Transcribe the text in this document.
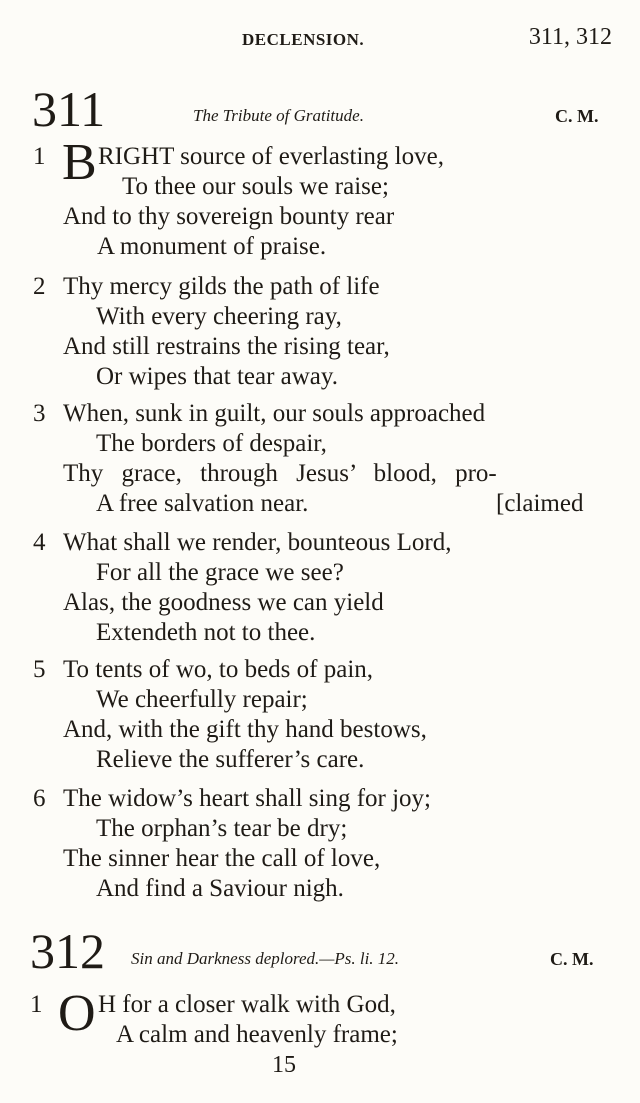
DECLENSION.	311, 312
311	The Tribute of Gratitude.	C. M.
1 B RIGHT source of everlasting love,
To thee our souls we raise;
And to thy sovereign bounty rear
A monument of praise.
2 Thy mercy gilds the path of life
With every cheering ray,
And still restrains the rising tear,
Or wipes that tear away.
3 When, sunk in guilt, our souls approached
The borders of despair,
Thy grace, through Jesus’ blood, pro-
A free salvation near.	[claimed
4 What shall we render, bounteous Lord,
For all the grace we see?
Alas, the goodness we can yield
Extendeth not to thee.
5 To tents of wo, to beds of pain,
We cheerfully repair;
And, with the gift thy hand bestows,
Relieve the sufferer’s care.
6 The widow’s heart shall sing for joy;
The orphan’s tear be dry;
The sinner hear the call of love,
And find a Saviour nigh.
312 Sin and Darkness deplored.—Ps. li. 12.	C. M.
1 O H for a closer walk with God,
A calm and heavenly frame;
15
